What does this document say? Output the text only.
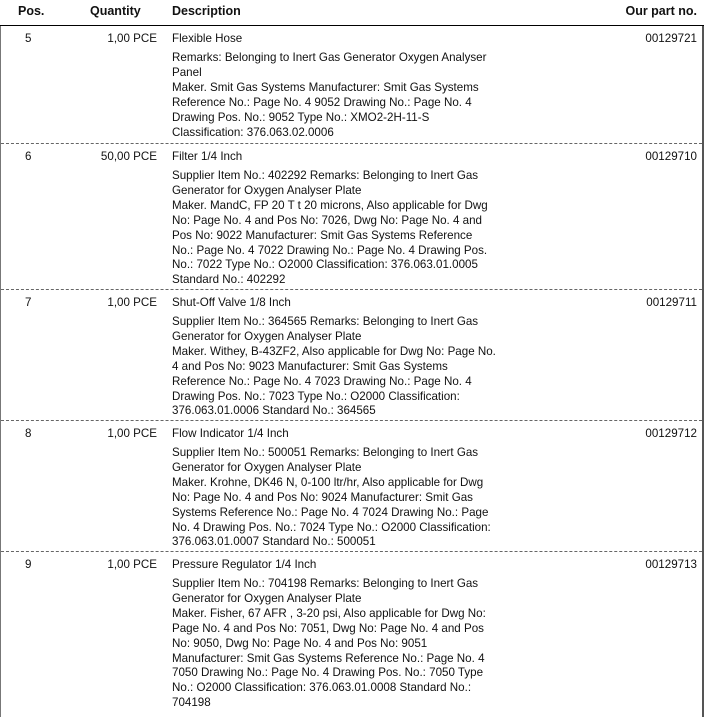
Pos.	Quantity	Description	Our part no.
5	1,00 PCE Flexible Hose	00129721
Remarks: Belonging to Inert Gas Generator Oxygen Analyser
Panel
Maker. Smit Gas Systems Manufacturer: Smit Gas Systems
Reference No.: Page No. 4 9052 Drawing No.: Page No. 4
Drawing Pos. No.: 9052 Type No.: XMO2-2H-11-S
Classification: 376.063.02.0006
6	50,00 PCE Filter 1/4 Inch	00129710
Supplier Item No.: 402292 Remarks: Belonging to Inert Gas
Generator for Oxygen Analyser Plate
Maker. MandC, FP 20 T t 20 microns, Also applicable for Dwg
No: Page No. 4 and Pos No: 7026, Dwg No: Page No. 4 and
Pos No: 9022 Manufacturer: Smit Gas Systems Reference
No.: Page No. 4 7022 Drawing No.: Page No. 4 Drawing Pos.
No.: 7022 Type No.: O2000 Classification: 376.063.01.0005
Standard No.: 402292
7	1,00 PCE Shut-Off Valve 1/8 Inch	00129711
Supplier Item No.: 364565 Remarks: Belonging to Inert Gas
Generator for Oxygen Analyser Plate
Maker. Withey, B-43ZF2, Also applicable for Dwg No: Page No.
4 and Pos No: 9023 Manufacturer: Smit Gas Systems
Reference No.: Page No. 4 7023 Drawing No.: Page No. 4
Drawing Pos. No.: 7023 Type No.: O2000 Classification:
376.063.01.0006 Standard No.: 364565
8	1,00 PCE Flow Indicator 1/4 Inch	00129712
Supplier Item No.: 500051 Remarks: Belonging to Inert Gas
Generator for Oxygen Analyser Plate
Maker. Krohne, DK46 N, 0-100 ltr/hr, Also applicable for Dwg
No: Page No. 4 and Pos No: 9024 Manufacturer: Smit Gas
Systems Reference No.: Page No. 4 7024 Drawing No.: Page
No. 4 Drawing Pos. No.: 7024 Type No.: O2000 Classification:
376.063.01.0007 Standard No.: 500051
9	1,00 PCE Pressure Regulator 1/4 Inch	00129713
Supplier Item No.: 704198 Remarks: Belonging to Inert Gas
Generator for Oxygen Analyser Plate
Maker. Fisher, 67 AFR , 3-20 psi, Also applicable for Dwg No:
Page No. 4 and Pos No: 7051, Dwg No: Page No. 4 and Pos
No: 9050, Dwg No: Page No. 4 and Pos No: 9051
Manufacturer: Smit Gas Systems Reference No.: Page No. 4
7050 Drawing No.: Page No. 4 Drawing Pos. No.: 7050 Type
No.: O2000 Classification: 376.063.01.0008 Standard No.:
704198
